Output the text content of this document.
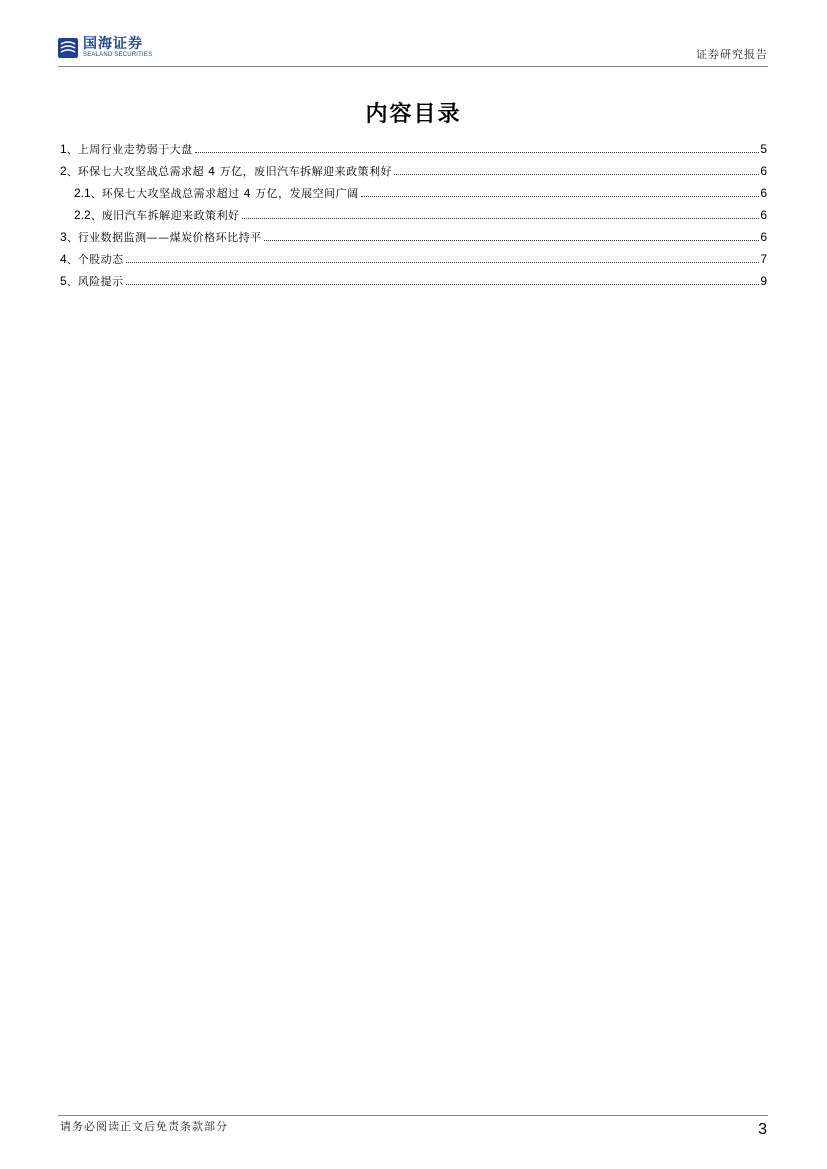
国海证券
SEALAND SECURITIES	证券研究报告
内容目录
1 、 上周行业走势弱于大盘	5
2 、 环保七大攻坚战总需求超 4 万亿，废旧汽车拆解迎来政策利好	6
2.1 、 环保七大攻坚战总需求超过 4 万亿，发展空间广阔	6
2.2 、 废旧汽车拆解迎来政策利好	6
3 、 行业数据监测——煤炭价格环比持平	6
4 、 个股动态	7
5 、 风险提示	9
请务必阅读正文后免责条款部分	3
